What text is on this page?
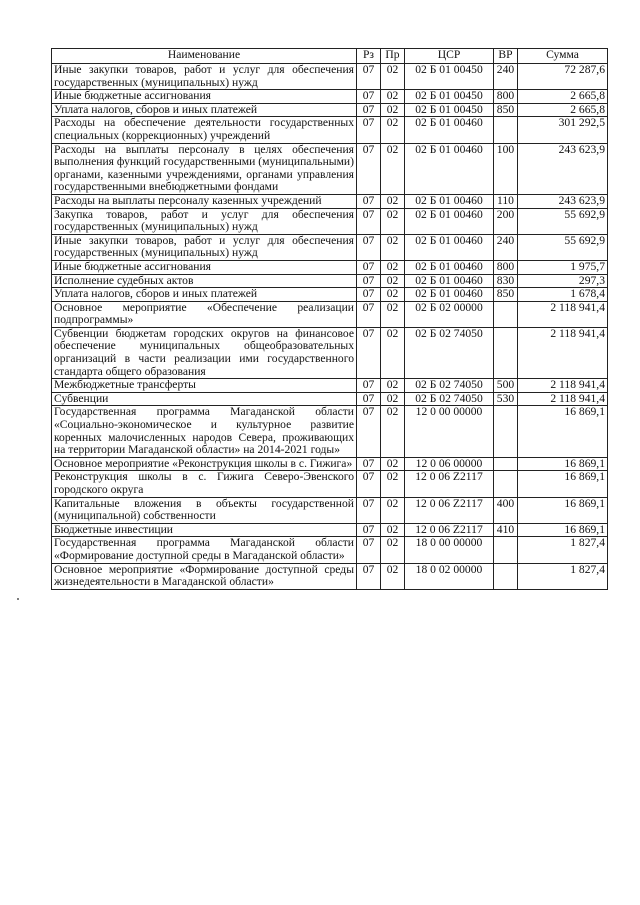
Наименование	Рз	Пр	ЦСР	ВР	Сумма
Иные закупки товаров, работ и услуг для обеспечения государственных (муниципальных) нужд	07	02	02 Б 01 00450	240	72 287,6
Иные бюджетные ассигнования	07	02	02 Б 01 00450	800	2 665,8
Уплата налогов, сборов и иных платежей	07	02	02 Б 01 00450	850	2 665,8
Расходы на обеспечение деятельности государственных специальных (коррекционных) учреждений	07	02	02 Б 01 00460		301 292,5
Расходы на выплаты персоналу в целях обеспечения выполнения функций государственными (муниципальными) органами, казенными учреждениями, органами управления государственными внебюджетными фондами	07	02	02 Б 01 00460	100	243 623,9
Расходы на выплаты персоналу казенных учреждений	07	02	02 Б 01 00460	110	243 623,9
Закупка товаров, работ и услуг для обеспечения государственных (муниципальных) нужд	07	02	02 Б 01 00460	200	55 692,9
Иные закупки товаров, работ и услуг для обеспечения государственных (муниципальных) нужд	07	02	02 Б 01 00460	240	55 692,9
Иные бюджетные ассигнования	07	02	02 Б 01 00460	800	1 975,7
Исполнение судебных актов	07	02	02 Б 01 00460	830	297,3
Уплата налогов, сборов и иных платежей	07	02	02 Б 01 00460	850	1 678,4
Основное мероприятие «Обеспечение реализации подпрограммы»	07	02	02 Б 02 00000		2 118 941,4
Субвенции бюджетам городских округов на финансовое обеспечение муниципальных общеобразовательных организаций в части реализации ими государственного стандарта общего образования	07	02	02 Б 02 74050		2 118 941,4
Межбюджетные трансферты	07	02	02 Б 02 74050	500	2 118 941,4
Субвенции	07	02	02 Б 02 74050	530	2 118 941,4
Государственная программа Магаданской области «Социально-экономическое и культурное развитие коренных малочисленных народов Севера, проживающих на территории Магаданской области» на 2014-2021 годы»	07	02	12 0 00 00000		16 869,1
Основное мероприятие «Реконструкция школы в с. Гижига»	07	02	12 0 06 00000		16 869,1
Реконструкция школы в с. Гижига Северо-Эвенского городского округа	07	02	12 0 06 Z2117		16 869,1
Капитальные вложения в объекты государственной (муниципальной) собственности	07	02	12 0 06 Z2117	400	16 869,1
Бюджетные инвестиции	07	02	12 0 06 Z2117	410	16 869,1
Государственная программа Магаданской области «Формирование доступной среды в Магаданской области»	07	02	18 0 00 00000		1 827,4
Основное мероприятие «Формирование доступной среды жизнедеятельности в Магаданской области»	07	02	18 0 02 00000		1 827,4
